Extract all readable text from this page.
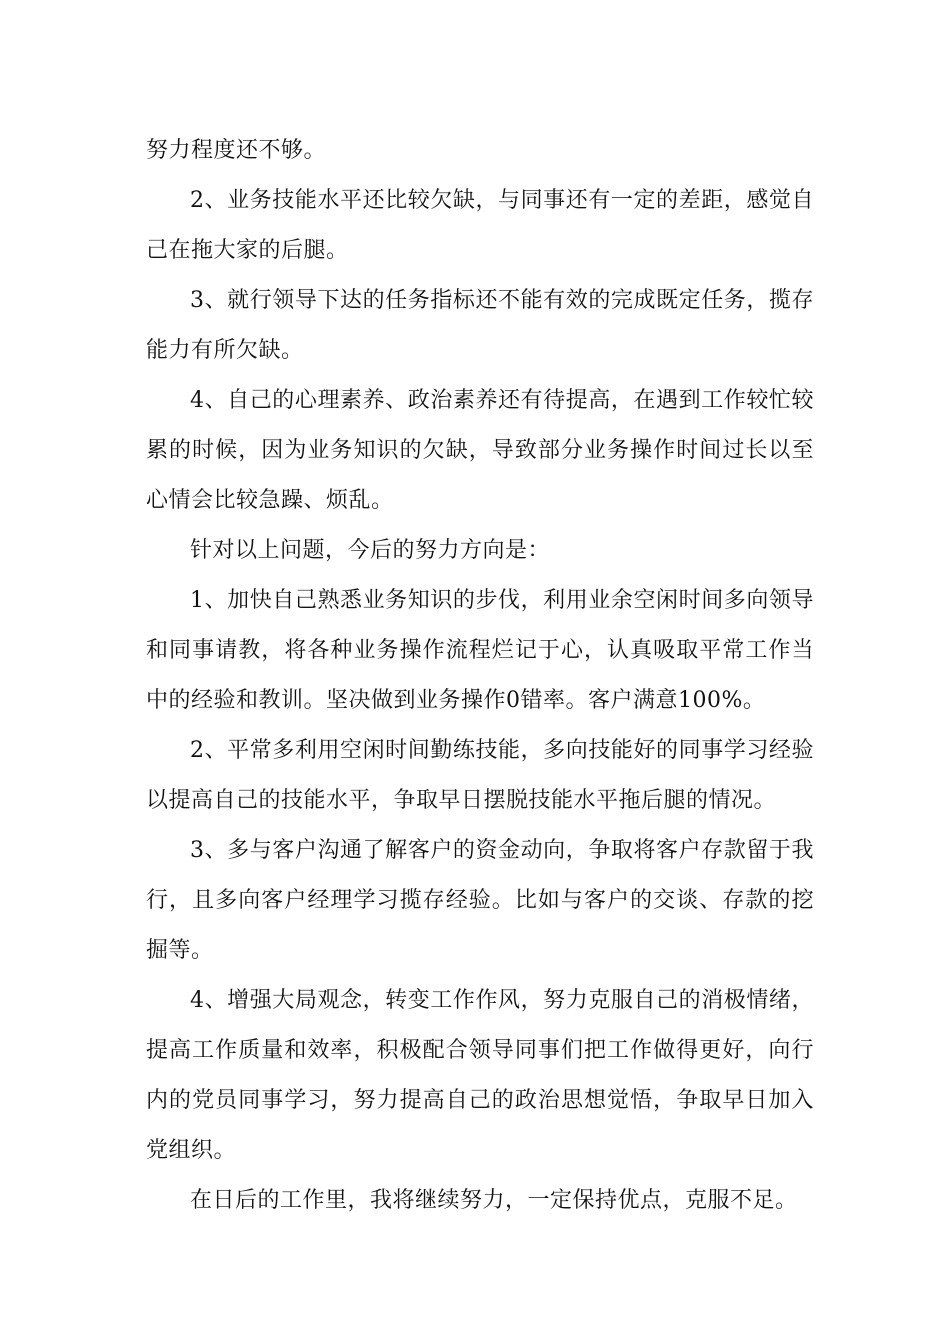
努力程度还不够。

2、业务技能水平还比较欠缺，与同事还有一定的差距，感觉自己在拖大家的后腿。

3、就行领导下达的任务指标还不能有效的完成既定任务，揽存能力有所欠缺。

4、自己的心理素养、政治素养还有待提高，在遇到工作较忙较累的时候，因为业务知识的欠缺，导致部分业务操作时间过长以至心情会比较急躁、烦乱。

针对以上问题，今后的努力方向是：

1、加快自己熟悉业务知识的步伐，利用业余空闲时间多向领导和同事请教，将各种业务操作流程烂记于心，认真吸取平常工作当中的经验和教训。坚决做到业务操作0错率。客户满意100%。

2、平常多利用空闲时间勤练技能，多向技能好的同事学习经验以提高自己的技能水平，争取早日摆脱技能水平拖后腿的情况。

3、多与客户沟通了解客户的资金动向，争取将客户存款留于我行，且多向客户经理学习揽存经验。比如与客户的交谈、存款的挖掘等。

4、增强大局观念，转变工作作风，努力克服自己的消极情绪，提高工作质量和效率，积极配合领导同事们把工作做得更好，向行内的党员同事学习，努力提高自己的政治思想觉悟，争取早日加入党组织。

在日后的工作里，我将继续努力，一定保持优点，克服不足。
